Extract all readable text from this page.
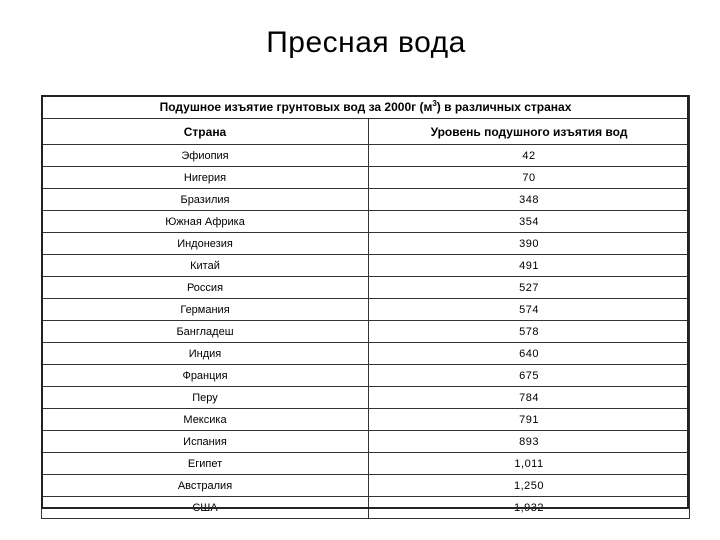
Пресная вода
Подушное изъятие грунтовых вод за 2000г $(м^3)$ в различных странах	
Страна	Уровень подушного изъятия вод
Эфиопия	42
Нигерия	70
Бразилия	348
Южная Африка	354
Индонезия	390
Китай	491
Россия	527
Германия	574
Бангладеш	578
Индия	640
Франция	675
Перу	784
Мексика	791
Испания	893
Египет	1,011
Австралия	1,250
США	1,932
